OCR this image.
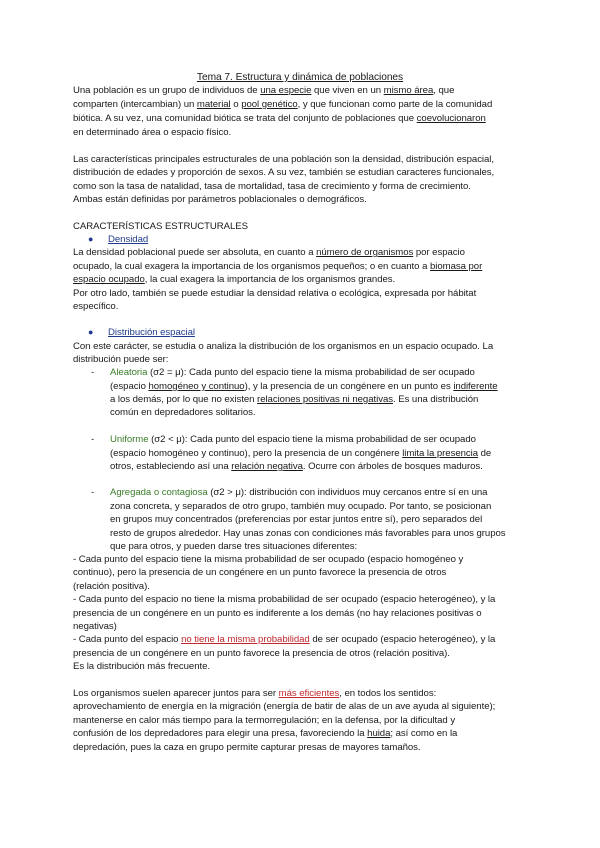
Tema 7. Estructura y dinámica de poblaciones
Una población es un grupo de individuos de una especie que viven en un mismo área, que
comparten (intercambian) un material o pool genético, y que funcionan como parte de la comunidad
biótica. A su vez, una comunidad biótica se trata del conjunto de poblaciones que coevolucionaron
en determinado área o espacio físico.
Las características principales estructurales de una población son la densidad, distribución espacial,
distribución de edades y proporción de sexos. A su vez, también se estudian caracteres funcionales,
como son la tasa de natalidad, tasa de mortalidad, tasa de crecimiento y forma de crecimiento.
Ambas están definidas por parámetros poblacionales o demográficos.
CARACTERÍSTICAS ESTRUCTURALES
● Densidad
La densidad poblacional puede ser absoluta, en cuanto a número de organismos por espacio
ocupado, la cual exagera la importancia de los organismos pequeños; o en cuanto a biomasa por
espacio ocupado, la cual exagera la importancia de los organismos grandes.
Por otro lado, también se puede estudiar la densidad relativa o ecológica, expresada por hábitat
específico.
● Distribución espacial
Con este carácter, se estudia o analiza la distribución de los organismos en un espacio ocupado. La
distribución puede ser:
- Aleatoria (σ2 = μ): Cada punto del espacio tiene la misma probabilidad de ser ocupado
(espacio homogéneo y continuo), y la presencia de un congénere en un punto es indiferente
a los demás, por lo que no existen relaciones positivas ni negativas. Es una distribución
común en depredadores solitarios.
- Uniforme (σ2 < μ): Cada punto del espacio tiene la misma probabilidad de ser ocupado
(espacio homogéneo y continuo), pero la presencia de un congénere limita la presencia de
otros, estableciendo así una relación negativa. Ocurre con árboles de bosques maduros.
- Agregada o contagiosa (σ2 > μ): distribución con individuos muy cercanos entre sí en una
zona concreta, y separados de otro grupo, también muy ocupado. Por tanto, se posicionan
en grupos muy concentrados (preferencias por estar juntos entre sí), pero separados del
resto de grupos alrededor. Hay unas zonas con condiciones más favorables para unos grupos
que para otros, y pueden darse tres situaciones diferentes:
- Cada punto del espacio tiene la misma probabilidad de ser ocupado (espacio homogéneo y
continuo), pero la presencia de un congénere en un punto favorece la presencia de otros
(relación positiva).
- Cada punto del espacio no tiene la misma probabilidad de ser ocupado (espacio heterogéneo), y la
presencia de un congénere en un punto es indiferente a los demás (no hay relaciones positivas o
negativas)
- Cada punto del espacio no tiene la misma probabilidad de ser ocupado (espacio heterogéneo), y la
presencia de un congénere en un punto favorece la presencia de otros (relación positiva).
Es la distribución más frecuente.
Los organismos suelen aparecer juntos para ser más eficientes, en todos los sentidos:
aprovechamiento de energía en la migración (energía de batir de alas de un ave ayuda al siguiente);
mantenerse en calor más tiempo para la termorregulación; en la defensa, por la dificultad y
confusión de los depredadores para elegir una presa, favoreciendo la huida; así como en la
depredación, pues la caza en grupo permite capturar presas de mayores tamaños.
